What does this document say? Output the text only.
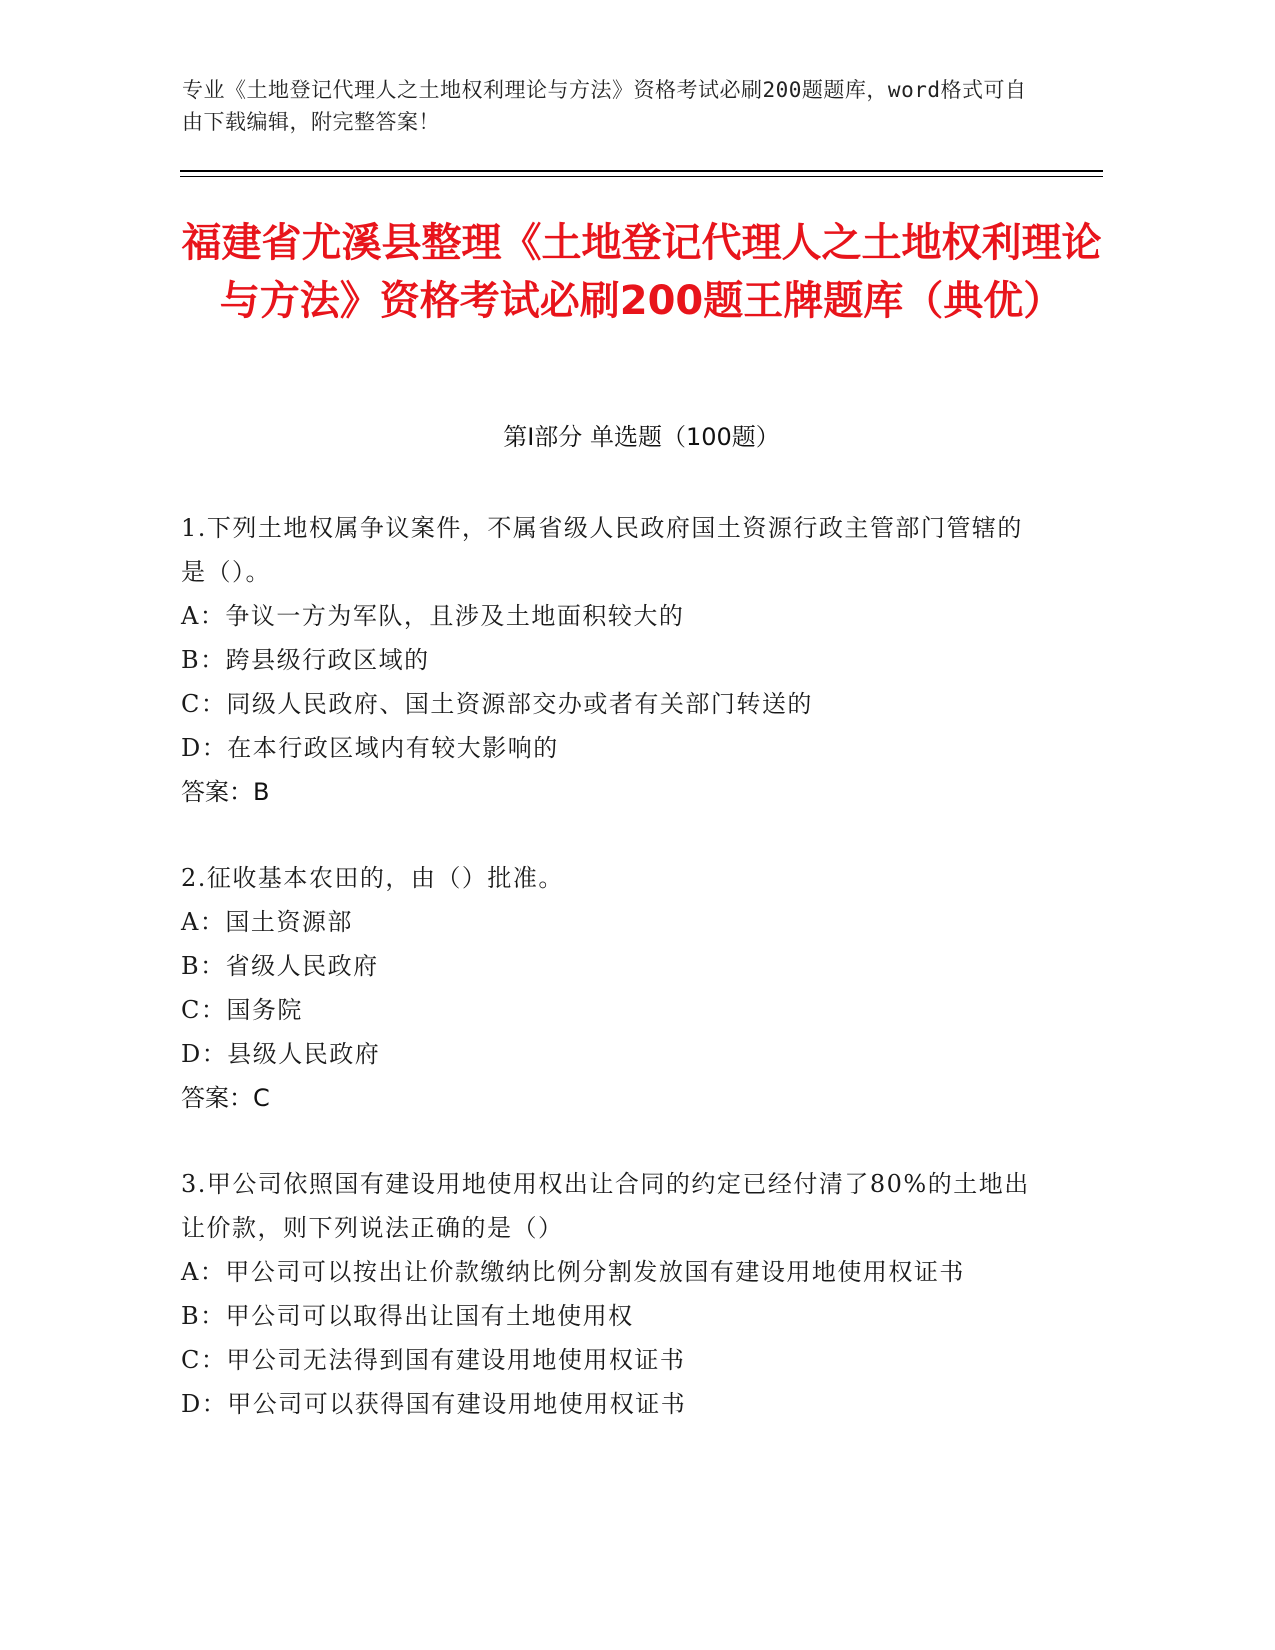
专业《土地登记代理人之土地权利理论与方法》资格考试必刷200题题库，word格式可自由下载编辑，附完整答案！
福建省尤溪县整理《土地登记代理人之土地权利理论与方法》资格考试必刷200题王牌题库（典优）
第Ⅰ部分 单选题（100题）
1.下列土地权属争议案件，不属省级人民政府国土资源行政主管部门管辖的是（）。
A：争议一方为军队，且涉及土地面积较大的
B：跨县级行政区域的
C：同级人民政府、国土资源部交办或者有关部门转送的
D：在本行政区域内有较大影响的
答案：B
2.征收基本农田的，由（）批准。
A：国土资源部
B：省级人民政府
C：国务院
D：县级人民政府
答案：C
3.甲公司依照国有建设用地使用权出让合同的约定已经付清了80%的土地出让价款，则下列说法正确的是（）
A：甲公司可以按出让价款缴纳比例分割发放国有建设用地使用权证书
B：甲公司可以取得出让国有土地使用权
C：甲公司无法得到国有建设用地使用权证书
D：甲公司可以获得国有建设用地使用权证书
